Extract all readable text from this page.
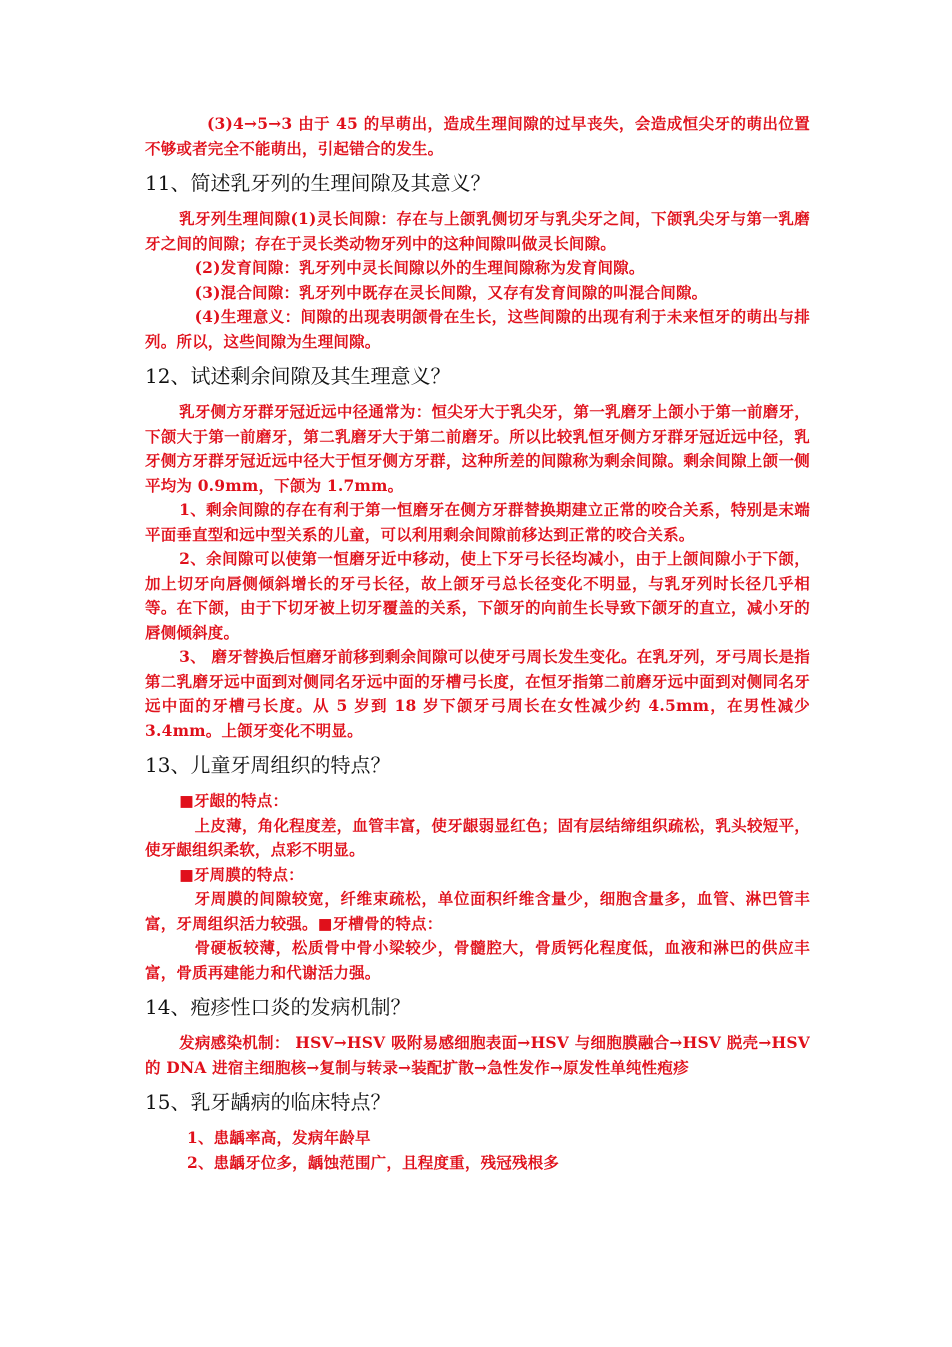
(3)4→5→3 由于 45 的早萌出，造成生理间隙的过早丧失，会造成恒尖牙的萌出位置不够或者完全不能萌出，引起错合的发生。

11、简述乳牙列的生理间隙及其意义？

乳牙列生理间隙(1)灵长间隙：存在与上颌乳侧切牙与乳尖牙之间，下颌乳尖牙与第一乳磨牙之间的间隙；存在于灵长类动物牙列中的这种间隙叫做灵长间隙。

(2)发育间隙：乳牙列中灵长间隙以外的生理间隙称为发育间隙。

(3)混合间隙：乳牙列中既存在灵长间隙，又存有发育间隙的叫混合间隙。

(4)生理意义：间隙的出现表明颌骨在生长，这些间隙的出现有利于未来恒牙的萌出与排列。所以，这些间隙为生理间隙。

12、试述剩余间隙及其生理意义？

乳牙侧方牙群牙冠近远中径通常为：恒尖牙大于乳尖牙，第一乳磨牙上颌小于第一前磨牙，下颌大于第一前磨牙，第二乳磨牙大于第二前磨牙。所以比较乳恒牙侧方牙群牙冠近远中径，乳牙侧方牙群牙冠近远中径大于恒牙侧方牙群，这种所差的间隙称为剩余间隙。剩余间隙上颌一侧平均为 0.9mm，下颌为 1.7mm。

1、剩余间隙的存在有利于第一恒磨牙在侧方牙群替换期建立正常的咬合关系，特别是末端平面垂直型和远中型关系的儿童，可以利用剩余间隙前移达到正常的咬合关系。

2、余间隙可以使第一恒磨牙近中移动，使上下牙弓长径均减小，由于上颌间隙小于下颌，加上切牙向唇侧倾斜增长的牙弓长径，故上颌牙弓总长径变化不明显，与乳牙列时长径几乎相等。在下颌，由于下切牙被上切牙覆盖的关系，下颌牙的向前生长导致下颌牙的直立，减小牙的唇侧倾斜度。

3、 磨牙替换后恒磨牙前移到剩余间隙可以使牙弓周长发生变化。在乳牙列，牙弓周长是指第二乳磨牙远中面到对侧同名牙远中面的牙槽弓长度，在恒牙指第二前磨牙远中面到对侧同名牙远中面的牙槽弓长度。从 5 岁到 18 岁下颌牙弓周长在女性减少约 4.5mm，在男性减少 3.4mm。上颌牙变化不明显。

13、儿童牙周组织的特点？

■牙龈的特点：

上皮薄，角化程度差，血管丰富，使牙龈弱显红色；固有层结缔组织疏松，乳头较短平，使牙龈组织柔软，点彩不明显。

■牙周膜的特点：

牙周膜的间隙较宽，纤维束疏松，单位面积纤维含量少，细胞含量多，血管、淋巴管丰富，牙周组织活力较强。■牙槽骨的特点：

骨硬板较薄，松质骨中骨小梁较少，骨髓腔大，骨质钙化程度低，血液和淋巴的供应丰富，骨质再建能力和代谢活力强。

14、疱疹性口炎的发病机制？

发病感染机制： HSV→HSV 吸附易感细胞表面→HSV 与细胞膜融合→HSV 脱壳→HSV 的 DNA 进宿主细胞核→复制与转录→装配扩散→急性发作→原发性单纯性疱疹

15、乳牙龋病的临床特点？

1、患龋率高，发病年龄早

2、患龋牙位多，龋蚀范围广，且程度重，残冠残根多
